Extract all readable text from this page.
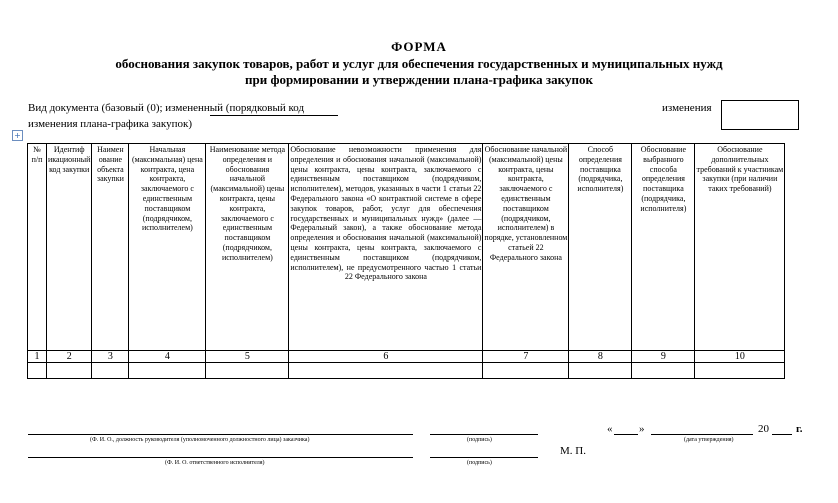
ФОРМА
обоснования закупок товаров, работ и услуг для обеспечения государственных и муниципальных нужд
при формировании и утверждении плана-графика закупок
Вид документа (базовый (0); измененный (порядковый код
изменения плана-графика закупок)
изменения
+
№ п/п	Идентиф икационный код закупки	Наимен ование объекта закупки	Начальная (максимальная) цена контракта, цена контракта, заключаемого с единственным поставщиком (подрядчиком, исполнителем)	Наименование метода определения и обоснования начальной (максимальной) цены контракта, цены контракта, заключаемого с единственным поставщиком (подрядчиком, исполнителем)	Обоснование невозможности применения для определения и обоснования начальной (максимальной) цены контракта, цены контракта, заключаемого с единственным поставщиком (подрядчиком, исполнителем), методов, указанных в части 1 статьи 22 Федерального закона «О контрактной системе в сфере закупок товаров, работ, услуг для обеспечения государственных и муниципальных нужд» (далее — Федеральный закон), а также обоснование метода определения и обоснования начальной (максимальной) цены контракта, цены контракта, заключаемого с единственным поставщиком (подрядчиком, исполнителем), не предусмотренного частью 1 статьи 22 Федерального закона	Обоснование начальной (максимальной) цены контракта, цены контракта, заключаемого с единственным поставщиком (подрядчиком, исполнителем) в порядке, установленном статьей 22 Федерального закона	Способ определения поставщика (подрядчика, исполнителя)	Обоснование выбранного способа определения поставщика (подрядчика, исполнителя)	Обоснование дополнительных требований к участникам закупки (при наличии таких требований)
1	2	3	4	5	6	7	8	9	10

(Ф. И. О., должность руководителя (уполномоченного должностного лица) заказчика)	(подпись)
« »	20 г.
(дата утверждения)
(Ф. И. О. ответственного исполнителя)	(подпись)
М. П.
